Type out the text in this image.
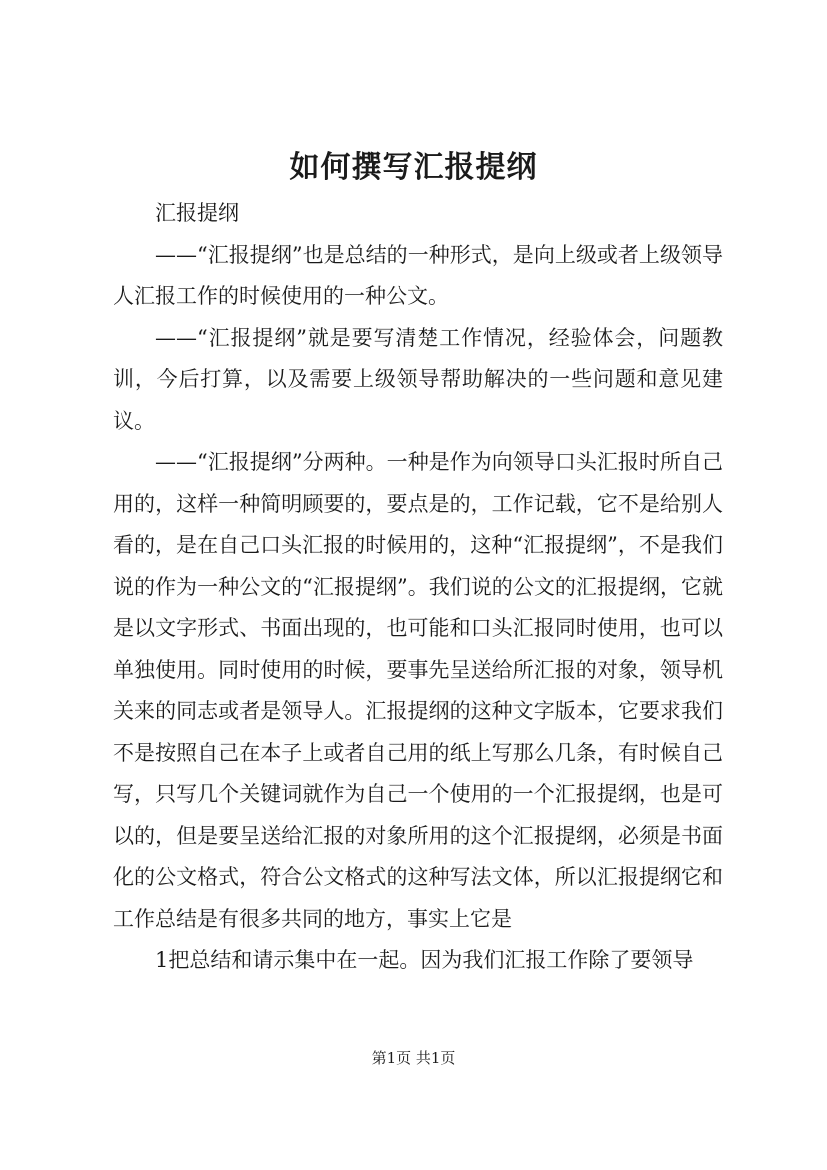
如何撰写汇报提纲

汇报提纲

——“汇报提纲”也是总结的一种形式，是向上级或者上级领导人汇报工作的时候使用的一种公文。

——“汇报提纲”就是要写清楚工作情况，经验体会，问题教训，今后打算，以及需要上级领导帮助解决的一些问题和意见建议。

——“汇报提纲”分两种。一种是作为向领导口头汇报时所自己用的，这样一种简明顾要的，要点是的，工作记载，它不是给别人看的，是在自己口头汇报的时候用的，这种“汇报提纲”，不是我们说的作为一种公文的“汇报提纲”。我们说的公文的汇报提纲，它就是以文字形式、书面出现的，也可能和口头汇报同时使用，也可以单独使用。同时使用的时候，要事先呈送给所汇报的对象，领导机关来的同志或者是领导人。汇报提纲的这种文字版本，它要求我们不是按照自己在本子上或者自己用的纸上写那么几条，有时候自己写，只写几个关键词就作为自己一个使用的一个汇报提纲，也是可以的，但是要呈送给汇报的对象所用的这个汇报提纲，必须是书面化的公文格式，符合公文格式的这种写法文体，所以汇报提纲它和工作总结是有很多共同的地方，事实上它是

1把总结和请示集中在一起。因为我们汇报工作除了要领导

第1页 共1页
